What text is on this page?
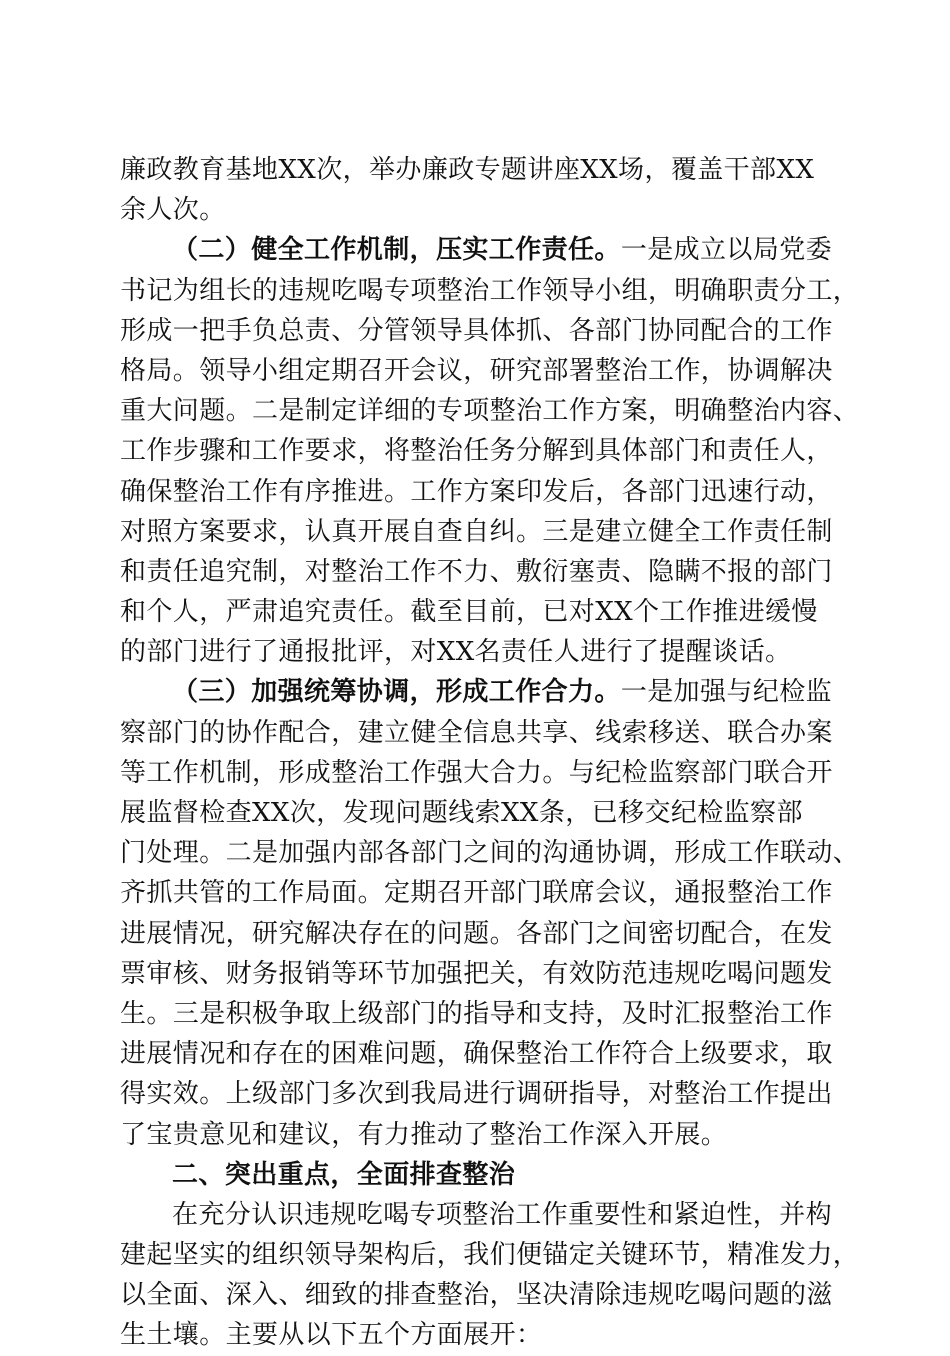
廉政教育基地XX次，举办廉政专题讲座XX场，覆盖干部XX
余人次。
（二）健全工作机制，压实工作责任。一是成立以局党委
书记为组长的违规吃喝专项整治工作领导小组，明确职责分工，
形成一把手负总责、分管领导具体抓、各部门协同配合的工作
格局。领导小组定期召开会议，研究部署整治工作，协调解决
重大问题。二是制定详细的专项整治工作方案，明确整治内容、
工作步骤和工作要求，将整治任务分解到具体部门和责任人，
确保整治工作有序推进。工作方案印发后，各部门迅速行动，
对照方案要求，认真开展自查自纠。三是建立健全工作责任制
和责任追究制，对整治工作不力、敷衍塞责、隐瞒不报的部门
和个人，严肃追究责任。截至目前，已对XX个工作推进缓慢
的部门进行了通报批评，对XX名责任人进行了提醒谈话。
（三）加强统筹协调，形成工作合力。一是加强与纪检监
察部门的协作配合，建立健全信息共享、线索移送、联合办案
等工作机制，形成整治工作强大合力。与纪检监察部门联合开
展监督检查XX次，发现问题线索XX条，已移交纪检监察部
门处理。二是加强内部各部门之间的沟通协调，形成工作联动、
齐抓共管的工作局面。定期召开部门联席会议，通报整治工作
进展情况，研究解决存在的问题。各部门之间密切配合，在发
票审核、财务报销等环节加强把关，有效防范违规吃喝问题发
生。三是积极争取上级部门的指导和支持，及时汇报整治工作
进展情况和存在的困难问题，确保整治工作符合上级要求，取
得实效。上级部门多次到我局进行调研指导，对整治工作提出
了宝贵意见和建议，有力推动了整治工作深入开展。
二、突出重点，全面排查整治
在充分认识违规吃喝专项整治工作重要性和紧迫性，并构
建起坚实的组织领导架构后，我们便锚定关键环节，精准发力，
以全面、深入、细致的排查整治，坚决清除违规吃喝问题的滋
生土壤。主要从以下五个方面展开：
